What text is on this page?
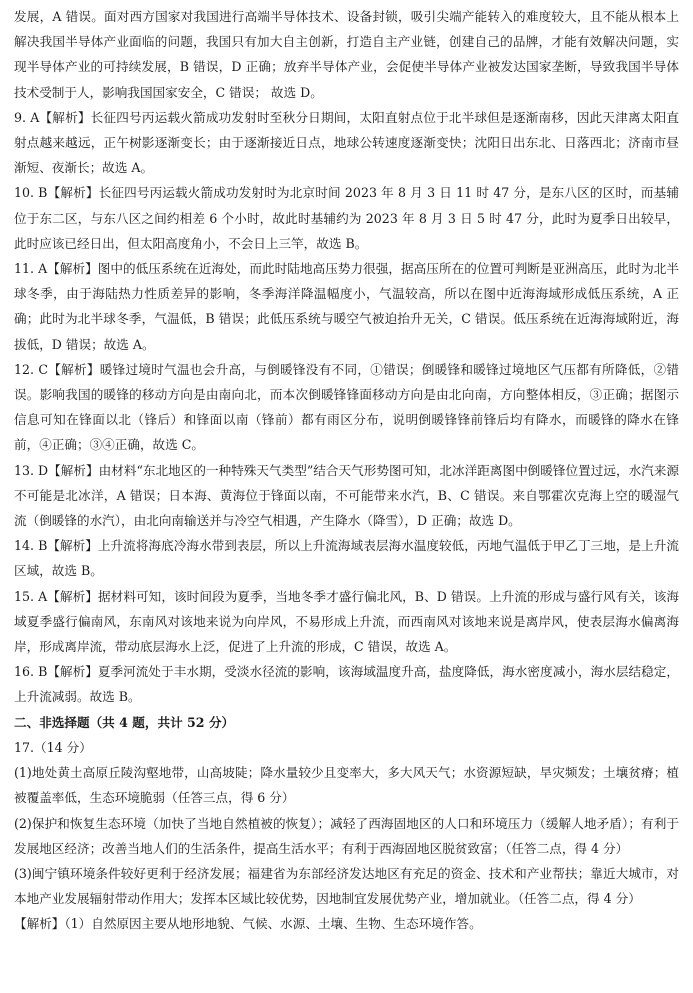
发展，A 错误。面对西方国家对我国进行高端半导体技术、设备封锁，吸引尖端产能转入的难度较大，且不能从根本上解决我国半导体产业面临的问题，我国只有加大自主创新，打造自主产业链，创建自己的品牌，才能有效解决问题，实现半导体产业的可持续发展，B 错误，D 正确；放弃半导体产业，会促使半导体产业被发达国家垄断，导致我国半导体技术受制于人，影响我国国家安全，C 错误； 故选 D。

9. A【解析】长征四号丙运载火箭成功发射时至秋分日期间，太阳直射点位于北半球但是逐渐南移，因此天津离太阳直射点越来越远，正午树影逐渐变长；由于逐渐接近日点，地球公转速度逐渐变快；沈阳日出东北、日落西北；济南市昼渐短、夜渐长；故选 A。

10. B【解析】长征四号丙运载火箭成功发射时为北京时间 2023 年 8 月 3 日 11 时 47 分，是东八区的区时，而基辅位于东二区，与东八区之间约相差 6 个小时，故此时基辅约为 2023 年 8 月 3 日 5 时 47 分，此时为夏季日出较早，此时应该已经日出，但太阳高度角小，不会日上三竿，故选 B。

11. A【解析】图中的低压系统在近海处，而此时陆地高压势力很强，据高压所在的位置可判断是亚洲高压，此时为北半球冬季，由于海陆热力性质差异的影响，冬季海洋降温幅度小，气温较高，所以在图中近海海域形成低压系统，A 正确；此时为北半球冬季，气温低，B 错误；此低压系统与暖空气被迫抬升无关，C 错误。低压系统在近海海域附近，海拔低，D 错误；故选 A。

12. C【解析】暖锋过境时气温也会升高，与倒暖锋没有不同，①错误；倒暖锋和暖锋过境地区气压都有所降低，②错误。影响我国的暖锋的移动方向是由南向北，而本次倒暖锋锋面移动方向是由北向南，方向整体相反，③正确；据图示信息可知在锋面以北（锋后）和锋面以南（锋前）都有雨区分布，说明倒暖锋锋前锋后均有降水，而暖锋的降水在锋前，④正确；③④正确，故选 C。

13. D【解析】由材料“东北地区的一种特殊天气类型”结合天气形势图可知，北冰洋距离图中倒暖锋位置过远，水汽来源不可能是北冰洋，A 错误；日本海、黄海位于锋面以南，不可能带来水汽，B、C 错误。来自鄂霍次克海上空的暖湿气流（倒暖锋的水汽），由北向南输送并与冷空气相遇，产生降水（降雪），D 正确；故选 D。

14. B【解析】上升流将海底冷海水带到表层，所以上升流海域表层海水温度较低，丙地气温低于甲乙丁三地，是上升流区域，故选 B。

15. A【解析】据材料可知，该时间段为夏季，当地冬季才盛行偏北风，B、D 错误。上升流的形成与盛行风有关，该海域夏季盛行偏南风，东南风对该地来说为向岸风，不易形成上升流，而西南风对该地来说是离岸风，使表层海水偏离海岸，形成离岸流，带动底层海水上泛，促进了上升流的形成，C 错误，故选 A。

16. B【解析】夏季河流处于丰水期，受淡水径流的影响，该海域温度升高，盐度降低，海水密度减小，海水层结稳定，上升流减弱。故选 B。

二、非选择题（共 4 题，共计 52 分）

17.（14 分）

(1)地处黄土高原丘陵沟壑地带，山高坡陡；降水量较少且变率大，多大风天气；水资源短缺，旱灾频发；土壤贫瘠；植被覆盖率低，生态环境脆弱（任答三点，得 6 分）

(2)保护和恢复生态环境（加快了当地自然植被的恢复）；减轻了西海固地区的人口和环境压力（缓解人地矛盾）；有利于发展地区经济；改善当地人们的生活条件，提高生活水平；有利于西海固地区脱贫致富；（任答二点，得 4 分）

(3)闽宁镇环境条件较好更利于经济发展；福建省为东部经济发达地区有充足的资金、技术和产业帮扶；靠近大城市，对本地产业发展辐射带动作用大；发挥本区域比较优势，因地制宜发展优势产业，增加就业。（任答二点，得 4 分）

【解析】（1）自然原因主要从地形地貌、气候、水源、土壤、生物、生态环境作答。
